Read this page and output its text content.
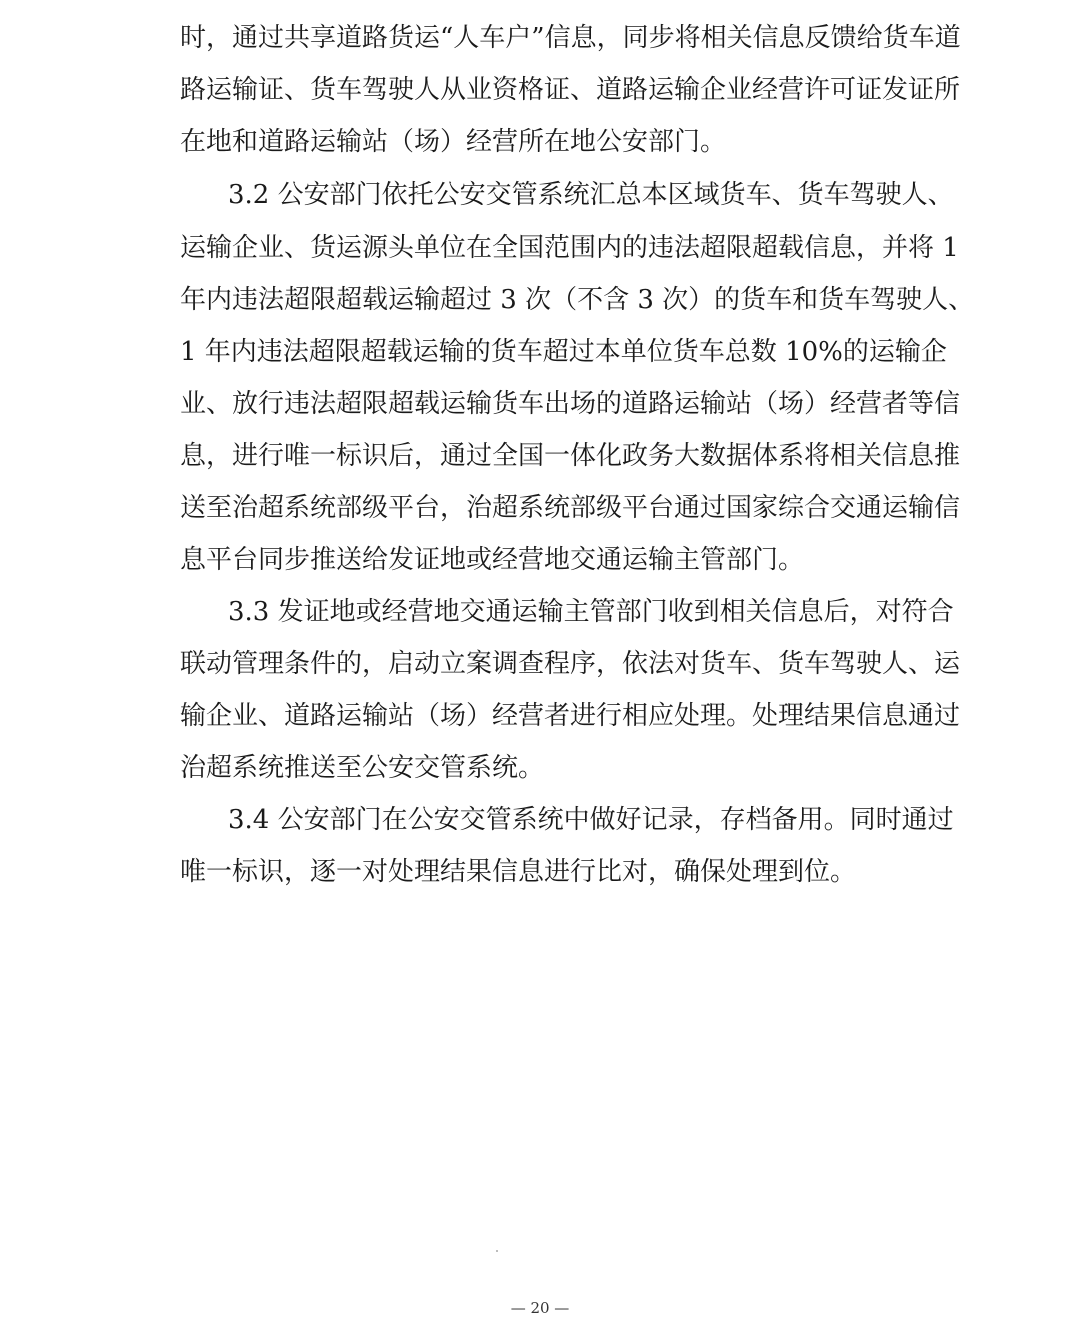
时，通过共享道路货运“人车户”信息，同步将相关信息反馈给货车道
路运输证、货车驾驶人从业资格证、道路运输企业经营许可证发证所
在地和道路运输站（场）经营所在地公安部门。
3.2 公安部门依托公安交管系统汇总本区域货车、货车驾驶人、
运输企业、货运源头单位在全国范围内的违法超限超载信息，并将 1
年内违法超限超载运输超过 3 次（不含 3 次）的货车和货车驾驶人、
1 年内违法超限超载运输的货车超过本单位货车总数 10%的运输企
业、放行违法超限超载运输货车出场的道路运输站（场）经营者等信
息，进行唯一标识后，通过全国一体化政务大数据体系将相关信息推
送至治超系统部级平台，治超系统部级平台通过国家综合交通运输信
息平台同步推送给发证地或经营地交通运输主管部门。
3.3 发证地或经营地交通运输主管部门收到相关信息后，对符合
联动管理条件的，启动立案调查程序，依法对货车、货车驾驶人、运
输企业、道路运输站（场）经营者进行相应处理。处理结果信息通过
治超系统推送至公安交管系统。
3.4 公安部门在公安交管系统中做好记录，存档备用。同时通过
唯一标识，逐一对处理结果信息进行比对，确保处理到位。
— 20 —
